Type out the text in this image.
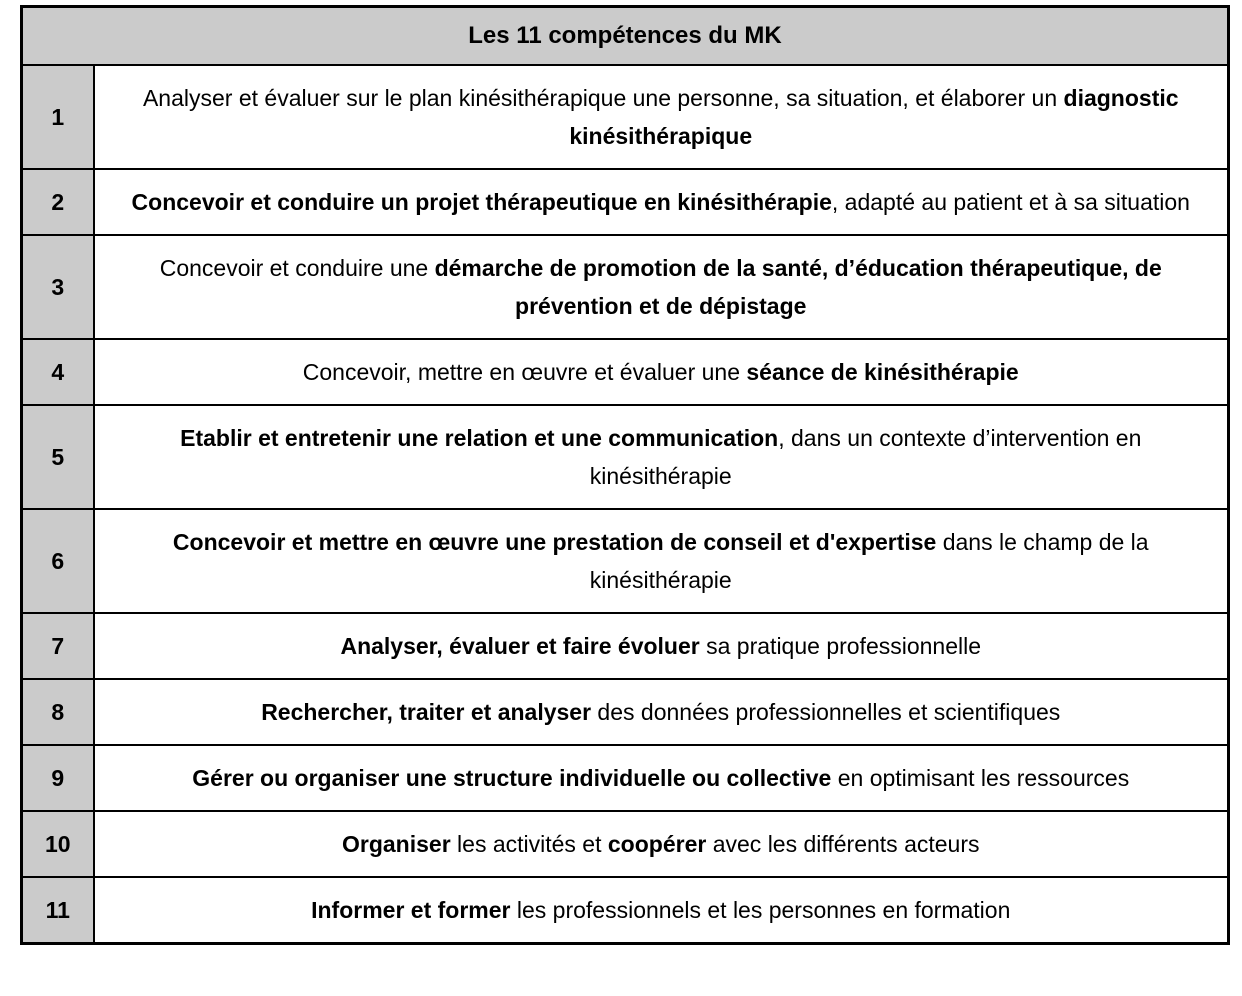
Les 11 compétences du MK	
1	Analyser et évaluer sur le plan kinésithérapique une personne, sa situation, et élaborer un diagnostic kinésithérapique
2	Concevoir et conduire un projet thérapeutique en kinésithérapie, adapté au patient et à sa situation
3	Concevoir et conduire une démarche de promotion de la santé, d’éducation thérapeutique, de prévention et de dépistage
4	Concevoir, mettre en œuvre et évaluer une séance de kinésithérapie
5	Etablir et entretenir une relation et une communication, dans un contexte d’intervention en kinésithérapie
6	Concevoir et mettre en œuvre une prestation de conseil et d'expertise dans le champ de la kinésithérapie
7	Analyser, évaluer et faire évoluer sa pratique professionnelle
8	Rechercher, traiter et analyser des données professionnelles et scientifiques
9	Gérer ou organiser une structure individuelle ou collective en optimisant les ressources
10	Organiser les activités et coopérer avec les différents acteurs
11	Informer et former les professionnels et les personnes en formation
